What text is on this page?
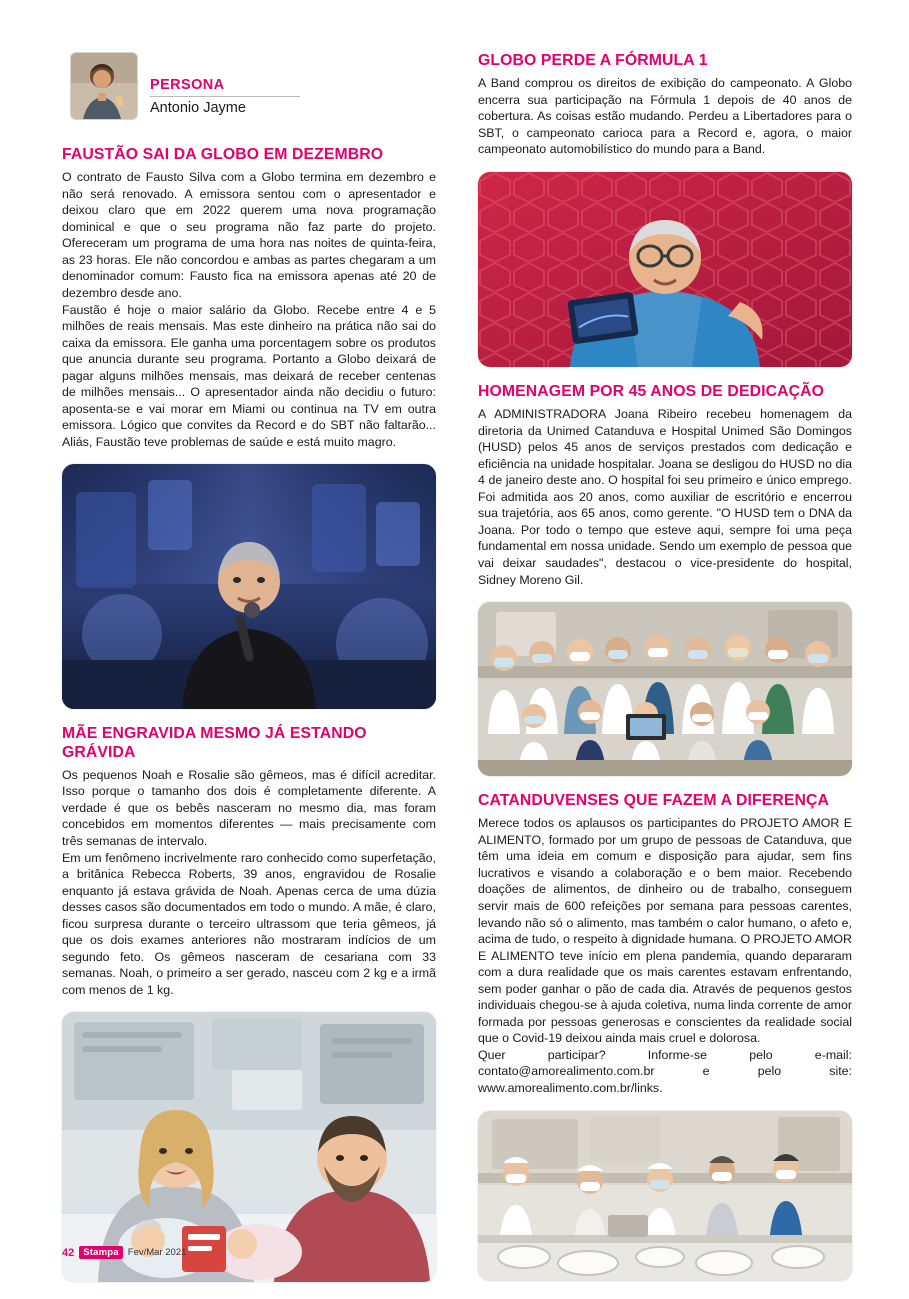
PERSONA
Antonio Jayme
FAUSTÃO SAI DA GLOBO EM DEZEMBRO

O contrato de Fausto Silva com a Globo termina em dezembro e não será renovado. A emissora sentou com o apresentador e deixou claro que em 2022 querem uma nova programação dominical e que o seu programa não faz parte do projeto. Ofereceram um programa de uma hora nas noites de quinta-feira, as 23 horas. Ele não concordou e ambas as partes chegaram a um denominador comum: Fausto fica na emissora apenas até 20 de dezembro desde ano.

Faustão é hoje o maior salário da Globo. Recebe entre 4 e 5 milhões de reais mensais. Mas este dinheiro na prática não sai do caixa da emissora. Ele ganha uma porcentagem sobre os produtos que anuncia durante seu programa. Portanto a Globo deixará de pagar alguns milhões mensais, mas deixará de receber centenas de milhões mensais... O apresentador ainda não decidiu o futuro: aposenta-se e vai morar em Miami ou continua na TV em outra emissora. Lógico que convites da Record e do SBT não faltarão... Aliás, Faustão teve problemas de saúde e está muito magro.

MÃE ENGRAVIDA MESMO JÁ ESTANDO GRÁVIDA

Os pequenos Noah e Rosalie são gêmeos, mas é difícil acreditar. Isso porque o tamanho dos dois é completamente diferente. A verdade é que os bebês nasceram no mesmo dia, mas foram concebidos em momentos diferentes — mais precisamente com três semanas de intervalo.

Em um fenômeno incrivelmente raro conhecido como superfetação, a britânica Rebecca Roberts, 39 anos, engravidou de Rosalie enquanto já estava grávida de Noah. Apenas cerca de uma dúzia desses casos são documentados em todo o mundo. A mãe, é claro, ficou surpresa durante o terceiro ultrassom que teria gêmeos, já que os dois exames anteriores não mostraram indícios de um segundo feto. Os gêmeos nasceram de cesariana com 33 semanas. Noah, o primeiro a ser gerado, nasceu com 2 kg e a irmã com menos de 1 kg.

GLOBO PERDE A FÓRMULA 1

A Band comprou os direitos de exibição do campeonato. A Globo encerra sua participação na Fórmula 1 depois de 40 anos de cobertura. As coisas estão mudando. Perdeu a Libertadores para o SBT, o campeonato carioca para a Record e, agora, o maior campeonato automobilístico do mundo para a Band.

HOMENAGEM POR 45 ANOS DE DEDICAÇÃO

A ADMINISTRADORA Joana Ribeiro recebeu homenagem da diretoria da Unimed Catanduva e Hospital Unimed São Domingos (HUSD) pelos 45 anos de serviços prestados com dedicação e eficiência na unidade hospitalar. Joana se desligou do HUSD no dia 4 de janeiro deste ano. O hospital foi seu primeiro e único emprego. Foi admitida aos 20 anos, como auxiliar de escritório e encerrou sua trajetória, aos 65 anos, como gerente. "O HUSD tem o DNA da Joana. Por todo o tempo que esteve aqui, sempre foi uma peça fundamental em nossa unidade. Sendo um exemplo de pessoa que vai deixar saudades", destacou o vice-presidente do hospital, Sidney Moreno Gil.

CATANDUVENSES QUE FAZEM A DIFERENÇA

Merece todos os aplausos os participantes do PROJETO AMOR E ALIMENTO, formado por um grupo de pessoas de Catanduva, que têm uma ideia em comum e disposição para ajudar, sem fins lucrativos e visando a colaboração e o bem maior. Recebendo doações de alimentos, de dinheiro ou de trabalho, conseguem servir mais de 600 refeições por semana para pessoas carentes, levando não só o alimento, mas também o calor humano, o afeto e, acima de tudo, o respeito à dignidade humana. O PROJETO AMOR E ALIMENTO teve início em plena pandemia, quando depararam com a dura realidade que os mais carentes estavam enfrentando, sem poder ganhar o pão de cada dia. Através de pequenos gestos individuais chegou-se à ajuda coletiva, numa linda corrente de amor formada por pessoas generosas e conscientes da realidade social que o Covid-19 deixou ainda mais cruel e dolorosa.

Quer participar? Informe-se pelo e-mail: contato@amorealimento.com.br e pelo site: www.amorealimento.com.br/links.

42 Stampa Fev/Mar 2021
